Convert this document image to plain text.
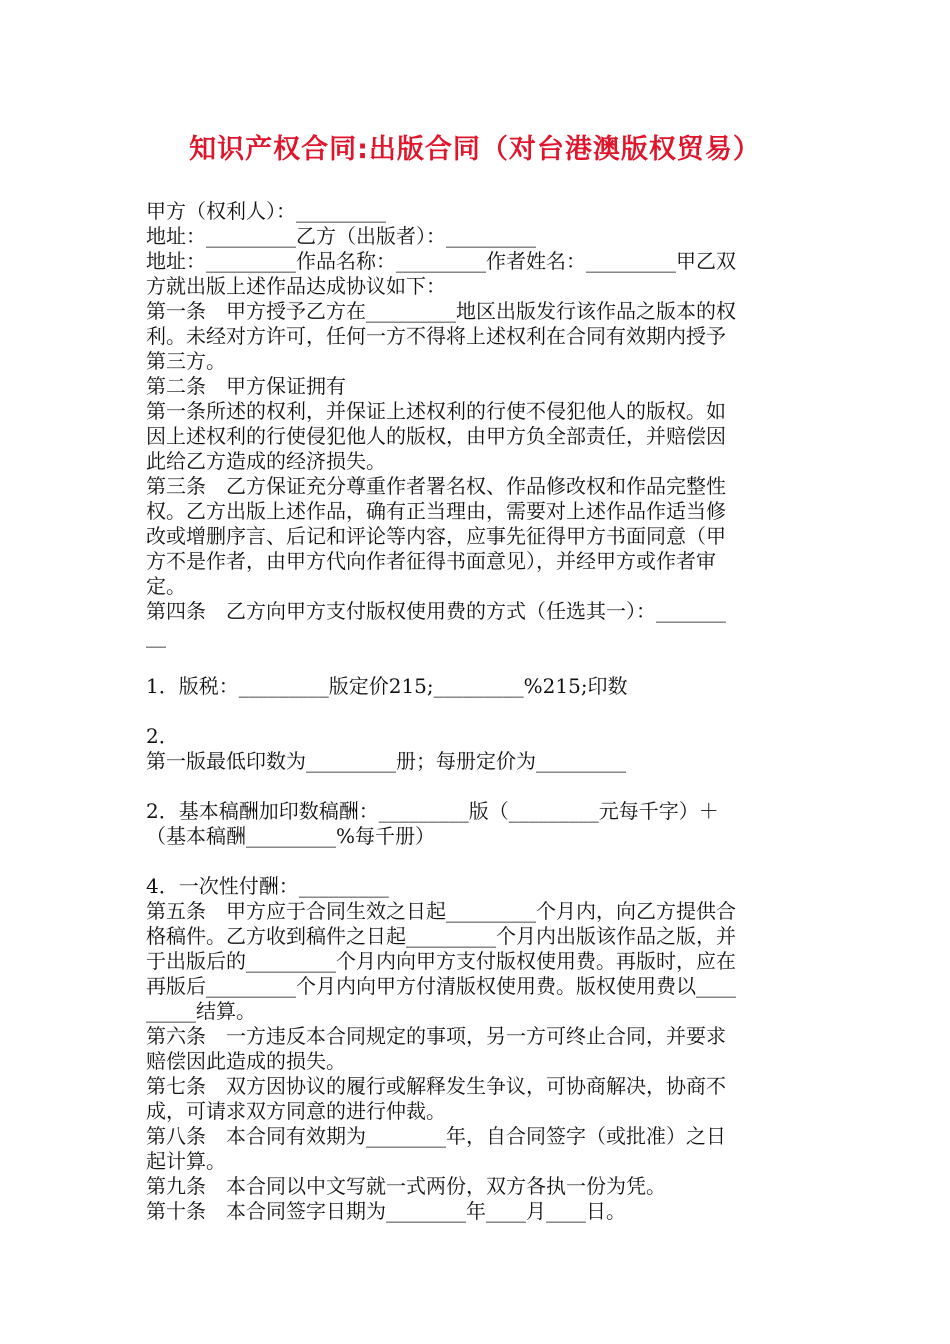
知识产权合同:出版合同（对台港澳版权贸易）
甲方（权利人）：_________
地址：_________乙方（出版者）：_________
地址：_________作品名称：_________作者姓名：_________甲乙双
方就出版上述作品达成协议如下：
第一条　甲方授予乙方在_________地区出版发行该作品之版本的权
利。未经对方许可，任何一方不得将上述权利在合同有效期内授予
第三方。
第二条　甲方保证拥有
第一条所述的权利，并保证上述权利的行使不侵犯他人的版权。如
因上述权利的行使侵犯他人的版权，由甲方负全部责任，并赔偿因
此给乙方造成的经济损失。
第三条　乙方保证充分尊重作者署名权、作品修改权和作品完整性
权。乙方出版上述作品，确有正当理由，需要对上述作品作适当修
改或增删序言、后记和评论等内容，应事先征得甲方书面同意（甲
方不是作者，由甲方代向作者征得书面意见），并经甲方或作者审
定。
第四条　乙方向甲方支付版权使用费的方式（任选其一）：_______
__
1．版税：_________版定价215;_________%215;印数
2．
第一版最低印数为_________册；每册定价为_________
2．基本稿酬加印数稿酬：_________版（_________元每千字）＋
（基本稿酬_________%每千册）
4．一次性付酬：_________
第五条　甲方应于合同生效之日起_________个月内，向乙方提供合
格稿件。乙方收到稿件之日起_________个月内出版该作品之版，并
于出版后的_________个月内向甲方支付版权使用费。再版时，应在
再版后_________个月内向甲方付清版权使用费。版权使用费以____
_____结算。
第六条　一方违反本合同规定的事项，另一方可终止合同，并要求
赔偿因此造成的损失。
第七条　双方因协议的履行或解释发生争议，可协商解决，协商不
成，可请求双方同意的进行仲裁。
第八条　本合同有效期为________年，自合同签字（或批准）之日
起计算。
第九条　本合同以中文写就一式两份，双方各执一份为凭。
第十条　本合同签字日期为________年____月____日。
